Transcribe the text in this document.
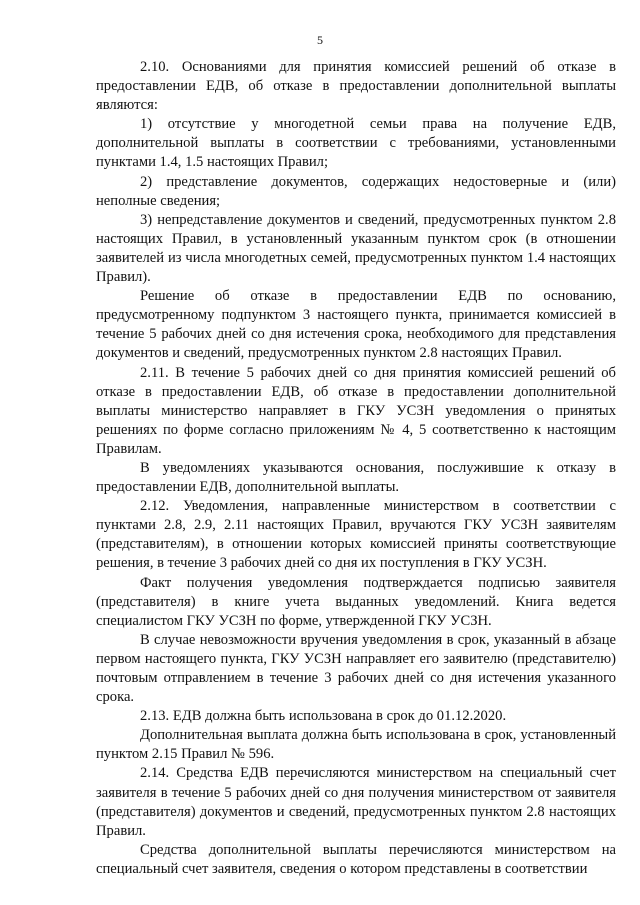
5

2.10. Основаниями для принятия комиссией решений об отказе в предоставлении ЕДВ, об отказе в предоставлении дополнительной выплаты являются:

1) отсутствие у многодетной семьи права на получение ЕДВ, дополнительной выплаты в соответствии с требованиями, установленными пунктами 1.4, 1.5 настоящих Правил;

2) представление документов, содержащих недостоверные и (или) неполные сведения;

3) непредставление документов и сведений, предусмотренных пунктом 2.8 настоящих Правил, в установленный указанным пунктом срок (в отношении заявителей из числа многодетных семей, предусмотренных пунктом 1.4 настоящих Правил).

Решение об отказе в предоставлении ЕДВ по основанию, предусмотренному подпунктом 3 настоящего пункта, принимается комиссией в течение 5 рабочих дней со дня истечения срока, необходимого для представления документов и сведений, предусмотренных пунктом 2.8 настоящих Правил.

2.11. В течение 5 рабочих дней со дня принятия комиссией решений об отказе в предоставлении ЕДВ, об отказе в предоставлении дополнительной выплаты министерство направляет в ГКУ УСЗН уведомления о принятых решениях по форме согласно приложениям № 4, 5 соответственно к настоящим Правилам.

В уведомлениях указываются основания, послужившие к отказу в предоставлении ЕДВ, дополнительной выплаты.

2.12. Уведомления, направленные министерством в соответствии с пунктами 2.8, 2.9, 2.11 настоящих Правил, вручаются ГКУ УСЗН заявителям (представителям), в отношении которых комиссией приняты соответствующие решения, в течение 3 рабочих дней со дня их поступления в ГКУ УСЗН.

Факт получения уведомления подтверждается подписью заявителя (представителя) в книге учета выданных уведомлений. Книга ведется специалистом ГКУ УСЗН по форме, утвержденной ГКУ УСЗН.

В случае невозможности вручения уведомления в срок, указанный в абзаце первом настоящего пункта, ГКУ УСЗН направляет его заявителю (представителю) почтовым отправлением в течение 3 рабочих дней со дня истечения указанного срока.

2.13. ЕДВ должна быть использована в срок до 01.12.2020.

Дополнительная выплата должна быть использована в срок, установленный пунктом 2.15 Правил № 596.

2.14. Средства ЕДВ перечисляются министерством на специальный счет заявителя в течение 5 рабочих дней со дня получения министерством от заявителя (представителя) документов и сведений, предусмотренных пунктом 2.8 настоящих Правил.

Средства дополнительной выплаты перечисляются министерством на специальный счет заявителя, сведения о котором представлены в соответствии
